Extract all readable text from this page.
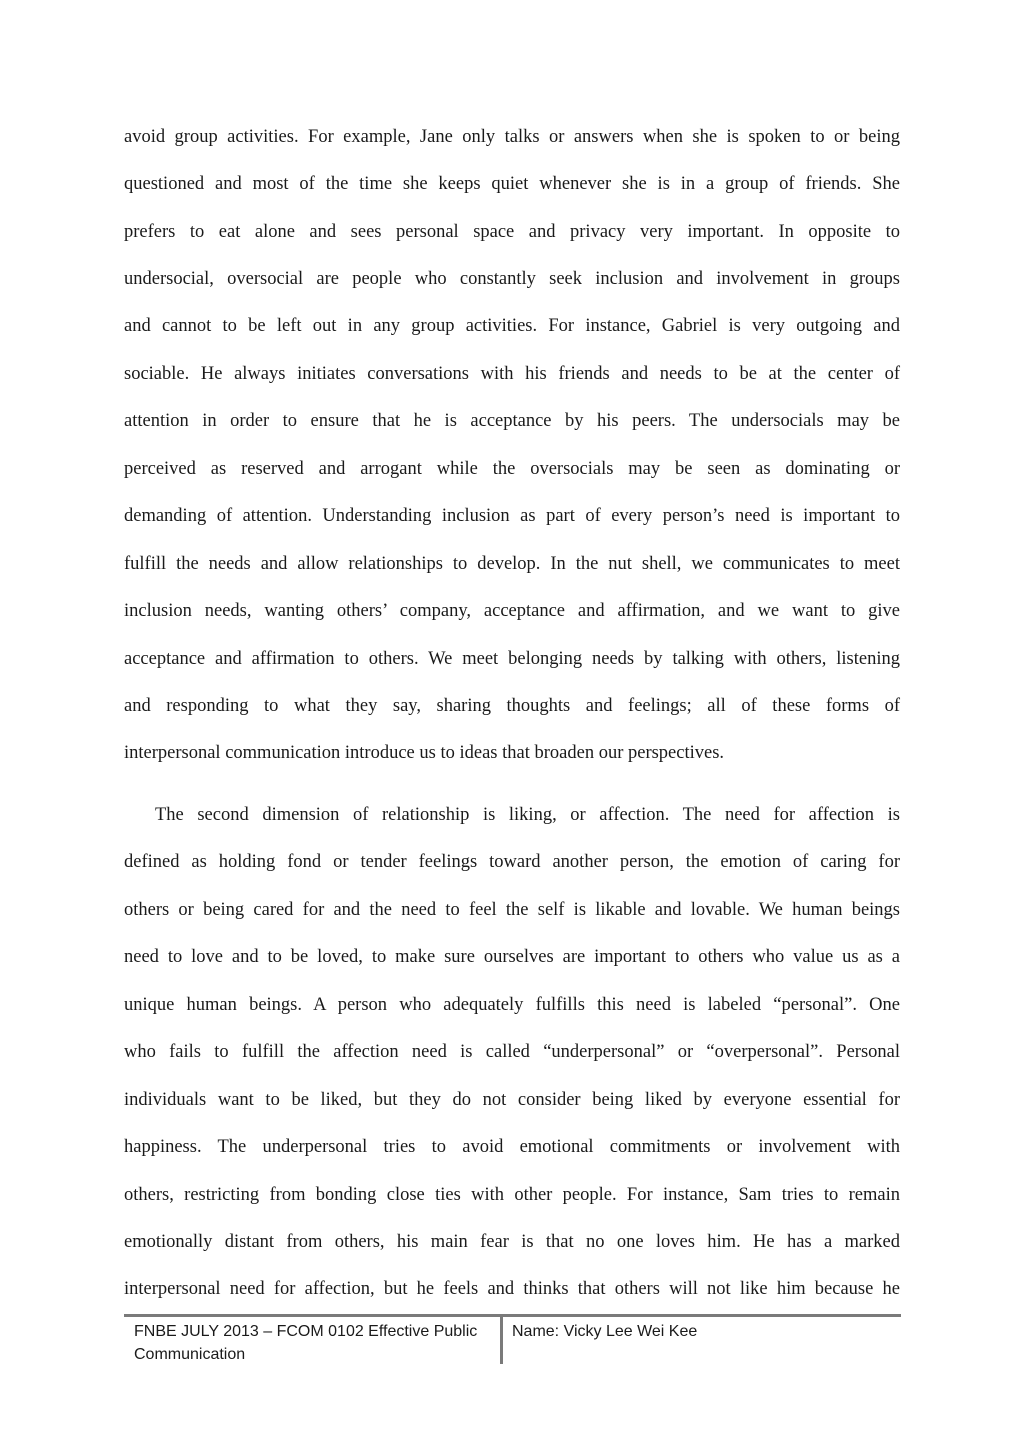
avoid group activities. For example, Jane only talks or answers when she is spoken to or being
questioned and most of the time she keeps quiet whenever she is in a group of friends. She
prefers to eat alone and sees personal space and privacy very important. In opposite to
undersocial, oversocial are people who constantly seek inclusion and involvement in groups
and cannot to be left out in any group activities. For instance, Gabriel is very outgoing and
sociable. He always initiates conversations with his friends and needs to be at the center of
attention in order to ensure that he is acceptance by his peers. The undersocials may be
perceived as reserved and arrogant while the oversocials may be seen as dominating or
demanding of attention. Understanding inclusion as part of every person’s need is important to
fulfill the needs and allow relationships to develop. In the nut shell, we communicates to meet
inclusion needs, wanting others’ company, acceptance and affirmation, and we want to give
acceptance and affirmation to others. We meet belonging needs by talking with others, listening
and responding to what they say, sharing thoughts and feelings; all of these forms of
interpersonal communication introduce us to ideas that broaden our perspectives.
The second dimension of relationship is liking, or affection. The need for affection is
defined as holding fond or tender feelings toward another person, the emotion of caring for
others or being cared for and the need to feel the self is likable and lovable. We human beings
need to love and to be loved, to make sure ourselves are important to others who value us as a
unique human beings. A person who adequately fulfills this need is labeled “personal”. One
who fails to fulfill the affection need is called “underpersonal” or “overpersonal”. Personal
individuals want to be liked, but they do not consider being liked by everyone essential for
happiness. The underpersonal tries to avoid emotional commitments or involvement with
others, restricting from bonding close ties with other people. For instance, Sam tries to remain
emotionally distant from others, his main fear is that no one loves him. He has a marked
interpersonal need for affection, but he feels and thinks that others will not like him because he
FNBE JULY 2013 – FCOM 0102 Effective Public
Communication
Name: Vicky Lee Wei Kee
